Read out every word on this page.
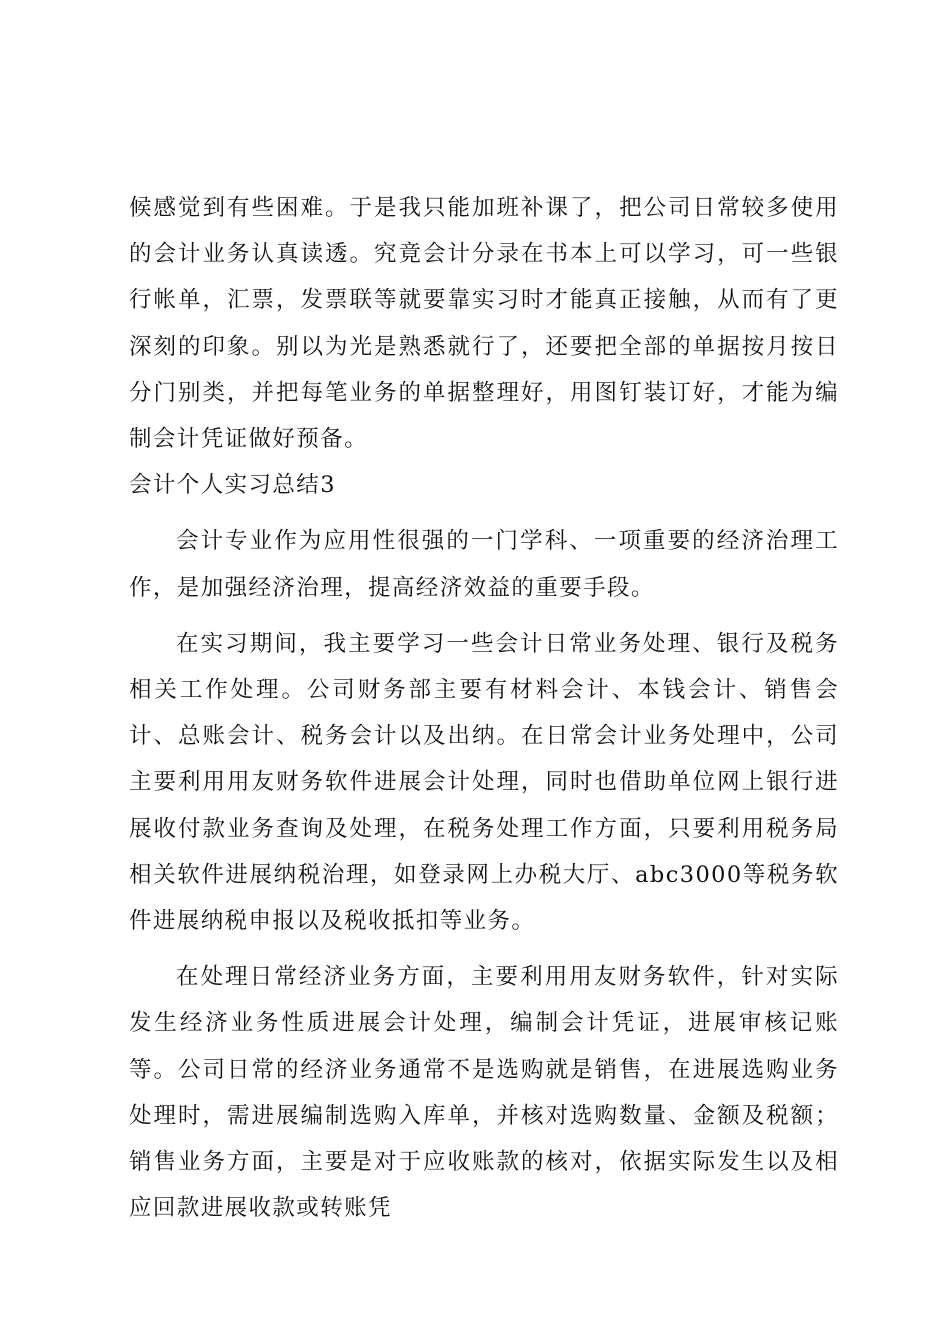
候感觉到有些困难。于是我只能加班补课了，把公司日常较多使用的会计业务认真读透。究竟会计分录在书本上可以学习，可一些银行帐单，汇票，发票联等就要靠实习时才能真正接触，从而有了更深刻的印象。别以为光是熟悉就行了，还要把全部的单据按月按日分门别类，并把每笔业务的单据整理好，用图钉装订好，才能为编制会计凭证做好预备。

会计个人实习总结3

会计专业作为应用性很强的一门学科、一项重要的经济治理工作，是加强经济治理，提高经济效益的重要手段。

在实习期间，我主要学习一些会计日常业务处理、银行及税务相关工作处理。公司财务部主要有材料会计、本钱会计、销售会计、总账会计、税务会计以及出纳。在日常会计业务处理中，公司主要利用用友财务软件进展会计处理，同时也借助单位网上银行进展收付款业务查询及处理，在税务处理工作方面，只要利用税务局相关软件进展纳税治理，如登录网上办税大厅、abc3000等税务软件进展纳税申报以及税收抵扣等业务。

在处理日常经济业务方面，主要利用用友财务软件，针对实际发生经济业务性质进展会计处理，编制会计凭证，进展审核记账等。公司日常的经济业务通常不是选购就是销售，在进展选购业务处理时，需进展编制选购入库单，并核对选购数量、金额及税额；销售业务方面，主要是对于应收账款的核对，依据实际发生以及相应回款进展收款或转账凭
